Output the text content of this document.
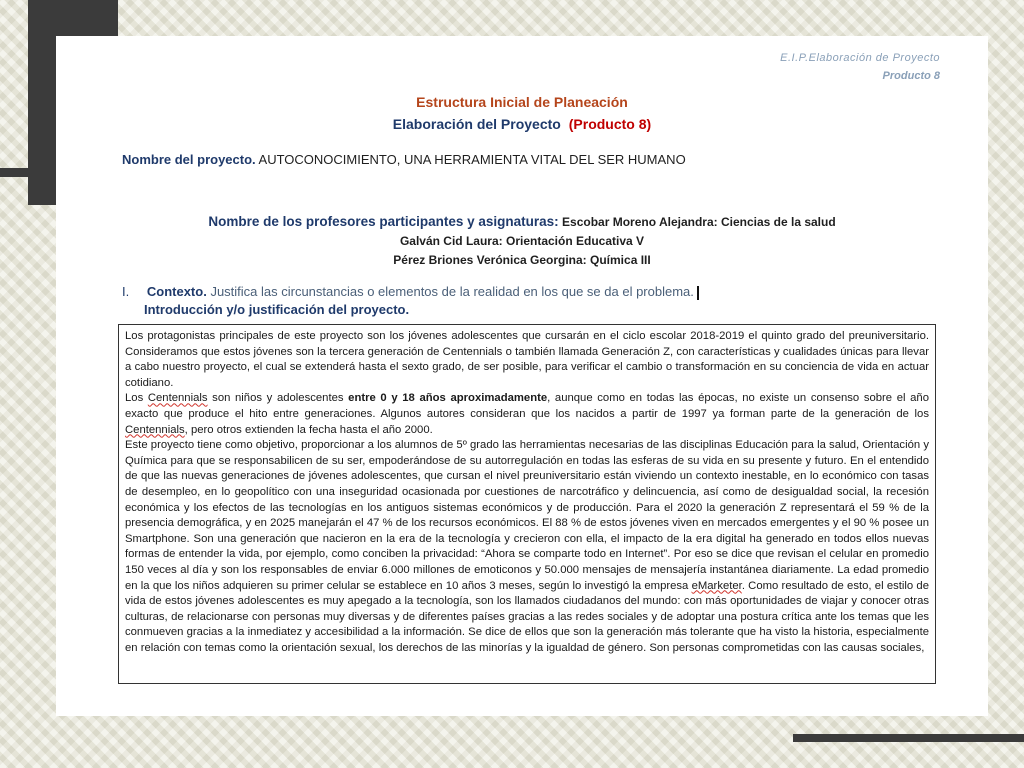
E.I.P.Elaboración de Proyecto
Producto 8
Estructura Inicial de Planeación
Elaboración del Proyecto (Producto 8)
Nombre del proyecto. AUTOCONOCIMIENTO, UNA HERRAMIENTA VITAL DEL SER HUMANO
Nombre de los profesores participantes y asignaturas: Escobar Moreno Alejandra: Ciencias de la salud
Galván Cid Laura: Orientación Educativa V
Pérez Briones Verónica Georgina: Química III
I. Contexto. Justifica las circunstancias o elementos de la realidad en los que se da el problema.
Introducción y/o justificación del proyecto.

Los protagonistas principales de este proyecto son los jóvenes adolescentes que cursarán en el ciclo escolar 2018-2019 el quinto grado del preuniversitario. Consideramos que estos jóvenes son la tercera generación de Centennials o también llamada Generación Z, con características y cualidades únicas para llevar a cabo nuestro proyecto, el cual se extenderá hasta el sexto grado, de ser posible, para verificar el cambio o transformación en su conciencia de vida en actuar cotidiano.

Los Centennials son niños y adolescentes entre 0 y 18 años aproximadamente, aunque como en todas las épocas, no existe un consenso sobre el año exacto que produce el hito entre generaciones. Algunos autores consideran que los nacidos a partir de 1997 ya forman parte de la generación de los Centennials, pero otros extienden la fecha hasta el año 2000.

Este proyecto tiene como objetivo, proporcionar a los alumnos de 5º grado las herramientas necesarias de las disciplinas Educación para la salud, Orientación y Química para que se responsabilicen de su ser, empoderándose de su autorregulación en todas las esferas de su vida en su presente y futuro. En el entendido de que las nuevas generaciones de jóvenes adolescentes, que cursan el nivel preuniversitario están viviendo un contexto inestable, en lo económico con tasas de desempleo, en lo geopolítico con una inseguridad ocasionada por cuestiones de narcotráfico y delincuencia, así como de desigualdad social, la recesión económica y los efectos de las tecnologías en los antiguos sistemas económicos y de producción. Para el 2020 la generación Z representará el 59 % de la presencia demográfica, y en 2025 manejarán el 47 % de los recursos económicos. El 88 % de estos jóvenes viven en mercados emergentes y el 90 % posee un Smartphone. Son una generación que nacieron en la era de la tecnología y crecieron con ella, el impacto de la era digital ha generado en todos ellos nuevas formas de entender la vida, por ejemplo, como conciben la privacidad: “Ahora se comparte todo en Internet”. Por eso se dice que revisan el celular en promedio 150 veces al día y son los responsables de enviar 6.000 millones de emoticonos y 50.000 mensajes de mensajería instantánea diariamente. La edad promedio en la que los niños adquieren su primer celular se establece en 10 años 3 meses, según lo investigó la empresa eMarketer. Como resultado de esto, el estilo de vida de estos jóvenes adolescentes es muy apegado a la tecnología, son los llamados ciudadanos del mundo: con más oportunidades de viajar y conocer otras culturas, de relacionarse con personas muy diversas y de diferentes países gracias a las redes sociales y de adoptar una postura crítica ante los temas que les conmueven gracias a la inmediatez y accesibilidad a la información. Se dice de ellos que son la generación más tolerante que ha visto la historia, especialmente en relación con temas como la orientación sexual, los derechos de las minorías y la igualdad de género. Son personas comprometidas con las causas sociales,
